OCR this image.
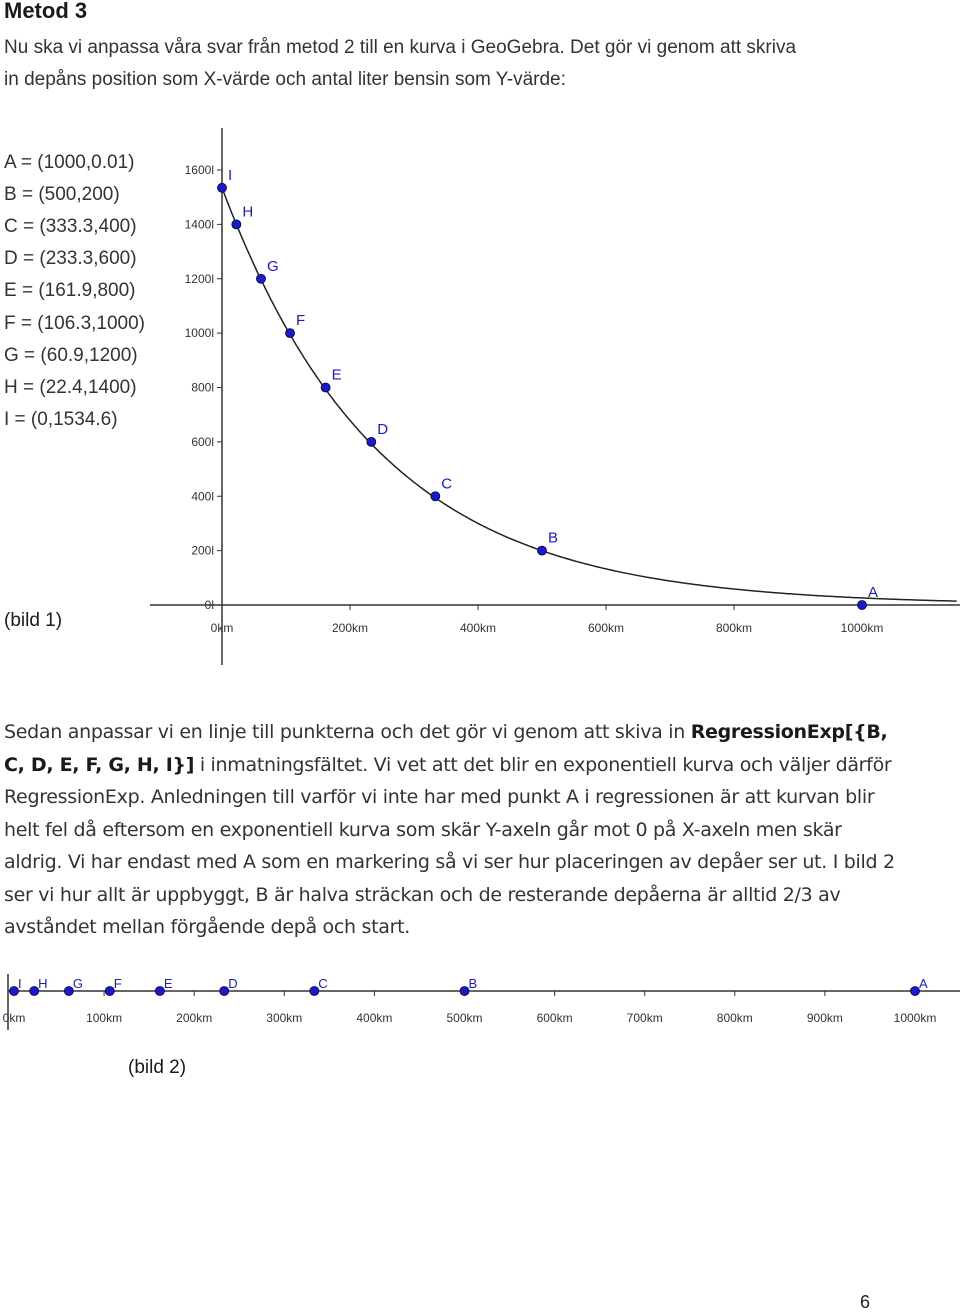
Metod 3
Nu ska vi anpassa våra svar från metod 2 till en kurva i GeoGebra. Det gör vi genom att skriva
in depåns position som X-värde och antal liter bensin som Y-värde:
A = (1000,0.01)
B = (500,200)
C = (333.3,400)
D = (233.3,600)
E = (161.9,800)
F = (106.3,1000)
G = (60.9,1200)
H = (22.4,1400)
I = (0,1534.6)
0km	200km	400km	600km	800km	1000km
0l
200l
400l
600l
800l
1000l
1200l
1400l
1600l
A
B
C
D
E
F
G
H
I
(bild 1)
Sedan anpassar vi en linje till punkterna och det gör vi genom att skiva in RegressionExp[{B, C, D, E, F, G, H, I}] i inmatningsfältet. Vi vet att det blir en exponentiell kurva och väljer därför RegressionExp. Anledningen till varför vi inte har med punkt A i regressionen är att kurvan blir helt fel då eftersom en exponentiell kurva som skär Y-axeln går mot 0 på X-axeln men skär aldrig. Vi har endast med A som en markering så vi ser hur placeringen av depåer ser ut. I bild 2 ser vi hur allt är uppbyggt, B är halva sträckan och de resterande depåerna är alltid 2/3 av avståndet mellan förgående depå och start.
0km	100km	200km	300km	400km	500km	600km	700km	800km	900km	1000km
I H G F	E	D	C	B	A
(bild 2)
6
